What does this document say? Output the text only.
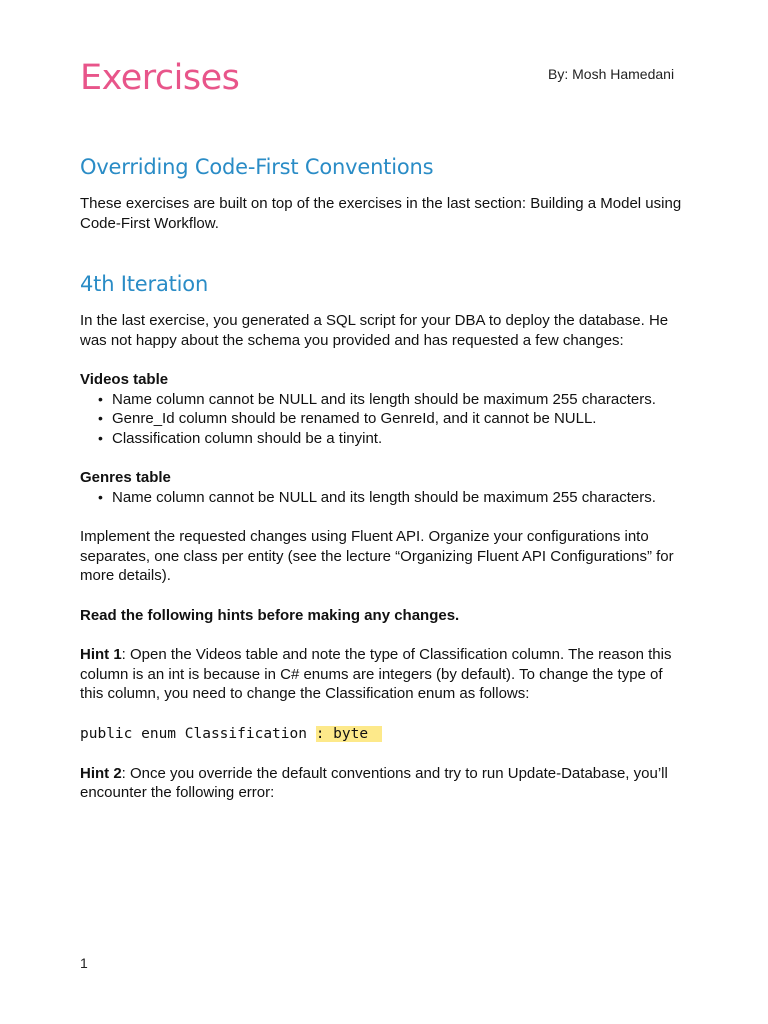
Exercises	By: Mosh Hamedani
Overriding Code-First Conventions

These exercises are built on top of the exercises in the last section: Building a Model using Code-First Workflow.

4th Iteration

In the last exercise, you generated a SQL script for your DBA to deploy the database. He was not happy about the schema you provided and has requested a few changes:

Videos table

• Name column cannot be NULL and its length should be maximum 255 characters.
• Genre_Id column should be renamed to GenreId, and it cannot be NULL.
• Classification column should be a tinyint.

Genres table

• Name column cannot be NULL and its length should be maximum 255 characters.

Implement the requested changes using Fluent API. Organize your configurations into separates, one class per entity (see the lecture “Organizing Fluent API Configurations” for more details).

Read the following hints before making any changes.

Hint 1: Open the Videos table and note the type of Classification column. The reason this column is an int is because in C# enums are integers (by default). To change the type of this column, you need to change the Classification enum as follows:

public enum Classification : byte

Hint 2: Once you override the default conventions and try to run Update-Database, you’ll encounter the following error:

1
